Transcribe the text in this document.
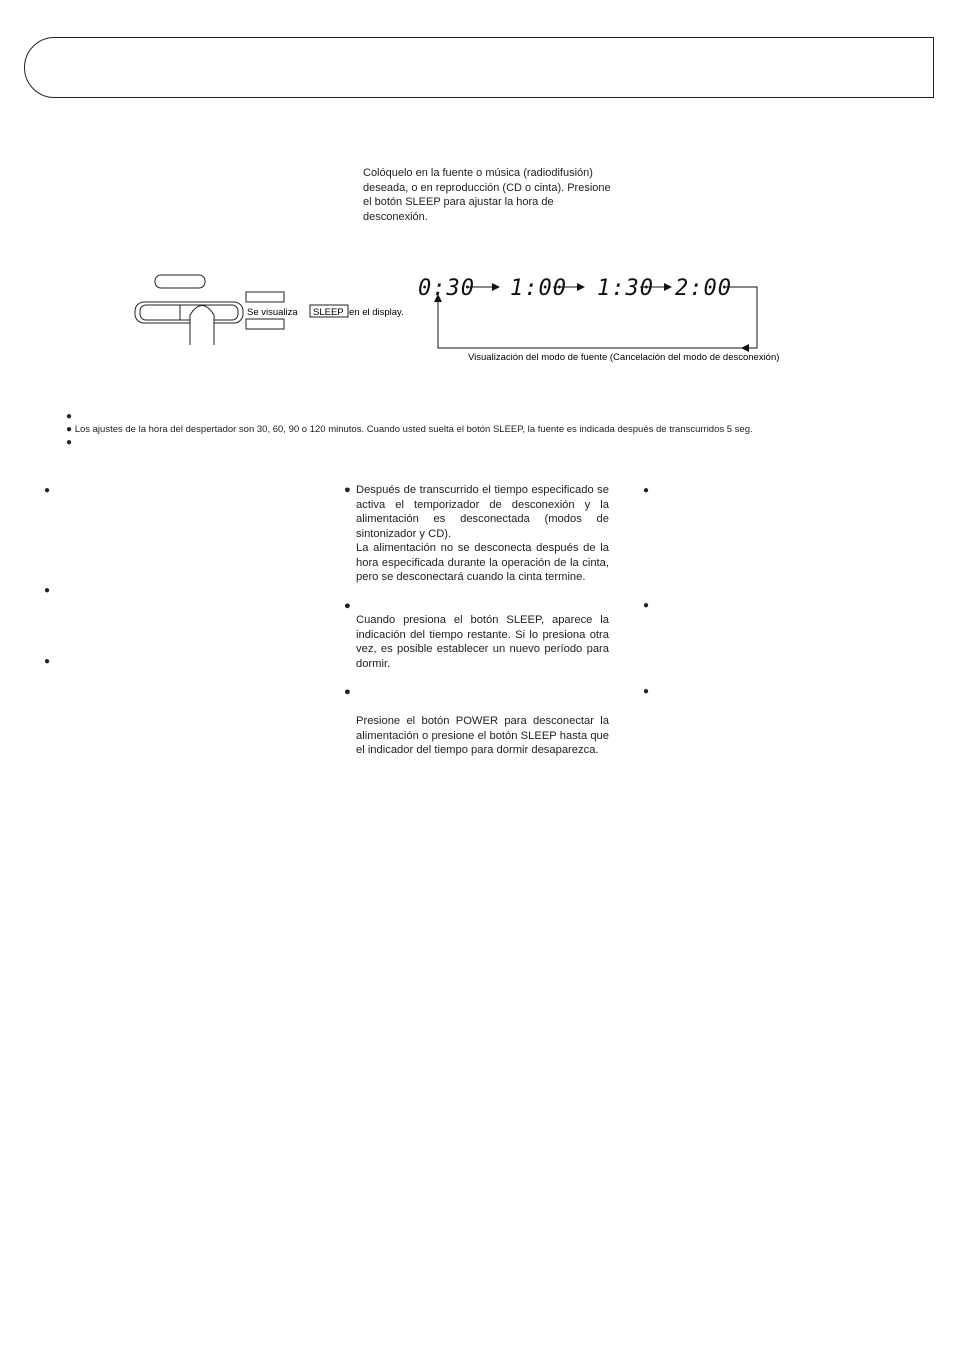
Colóquelo en la fuente o música (radiodifusión) deseada, o en reproducción (CD o cinta). Presione el botón SLEEP para ajustar la hora de desconexión.
Se visualiza SLEEP en el display.
0:30 1:00 1:30 2:00
Visualización del modo de fuente (Cancelación del modo de desconexión)
●
● Los ajustes de la hora del despertador son 30, 60, 90 o 120 minutos. Cuando usted suelta el botón SLEEP, la fuente es indicada después de transcurridos 5 seg.
●
●
●
●
● Después de transcurrido el tiempo especificado se activa el temporizador de desconexión y la alimentación es desconectada (modos de sintonizador y CD).
La alimentación no se desconecta después de la hora especificada durante la operación de la cinta, pero se desconectará cuando la cinta termine.
●
Cuando presiona el botón SLEEP, aparece la indicación del tiempo restante. Si lo presiona otra vez, es posible establecer un nuevo período para dormir.
●
Presione el botón POWER para desconectar la alimentación o presione el botón SLEEP hasta que el indicador del tiempo para dormir desaparezca.
●
●
●
